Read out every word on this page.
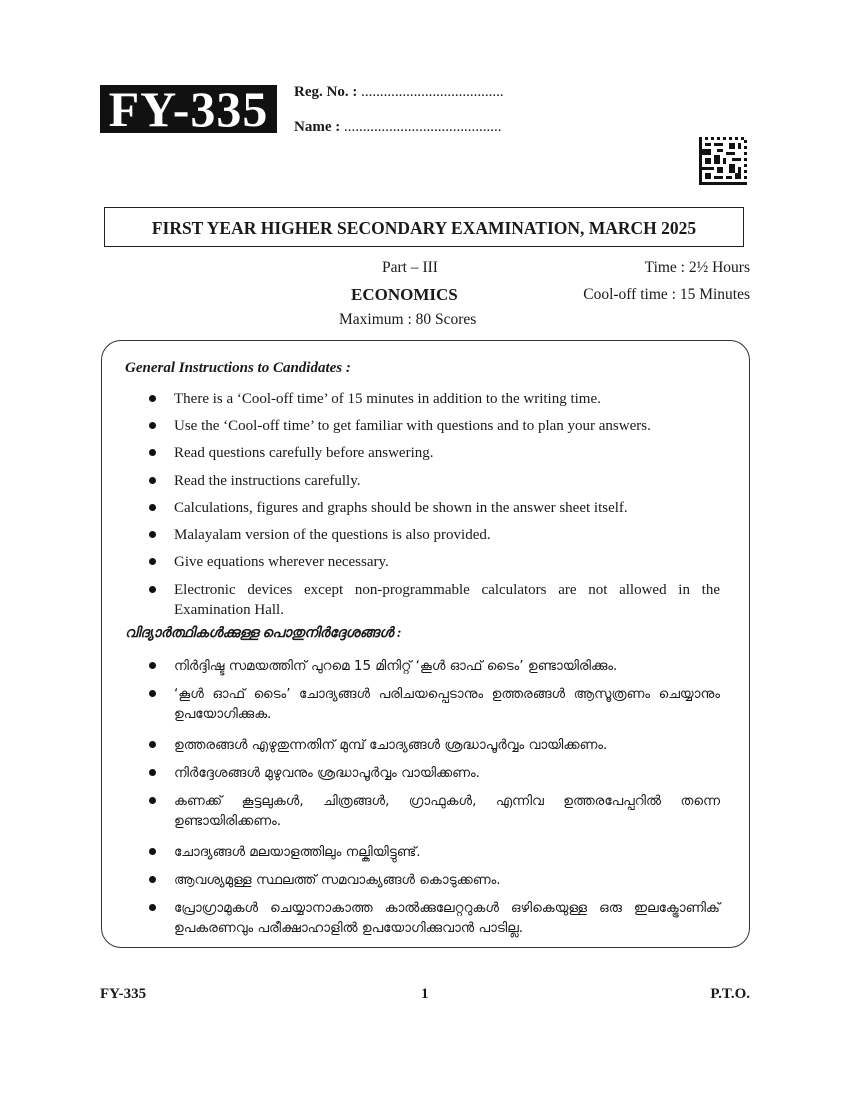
FY-335	Reg. No. : ......................................
Name : ..........................................
FIRST YEAR HIGHER SECONDARY EXAMINATION, MARCH 2025
Part – III
ECONOMICS
Maximum : 80 Scores
Time : 2½ Hours
Cool-off time : 15 Minutes
General Instructions to Candidates :
There is a ‘Cool-off time’ of 15 minutes in addition to the writing time.
Use the ‘Cool-off time’ to get familiar with questions and to plan your answers.
Read questions carefully before answering.
Read the instructions carefully.
Calculations, figures and graphs should be shown in the answer sheet itself.
Malayalam version of the questions is also provided.
Give equations wherever necessary.
Electronic devices except non-programmable calculators are not allowed in the Examination Hall.
വിദ്യാർത്ഥികൾക്കുള്ള പൊതുനിർദ്ദേശങ്ങൾ :
നിർദ്ദിഷ്ട സമയത്തിന് പുറമെ 15 മിനിറ്റ് ‘കൂൾ ഓഫ് ടൈം’ ഉണ്ടായിരിക്കും.
‘കൂൾ ഓഫ് ടൈം’ ചോദ്യങ്ങൾ പരിചയപ്പെടാനും ഉത്തരങ്ങൾ ആസൂത്രണം ചെയ്യാനും ഉപയോഗിക്കുക.
ഉത്തരങ്ങൾ എഴുതുന്നതിന് മുമ്പ് ചോദ്യങ്ങൾ ശ്രദ്ധാപൂർവ്വം വായിക്കണം.
നിർദ്ദേശങ്ങൾ മുഴുവനും ശ്രദ്ധാപൂർവ്വം വായിക്കണം.
കണക്ക് കൂട്ടലുകൾ, ചിത്രങ്ങൾ, ഗ്രാഫുകൾ, എന്നിവ ഉത്തരപേപ്പറിൽ തന്നെ ഉണ്ടായിരിക്കണം.
ചോദ്യങ്ങൾ മലയാളത്തിലും നല്കിയിട്ടുണ്ട്.
ആവശ്യമുള്ള സ്ഥലത്ത് സമവാക്യങ്ങൾ കൊടുക്കണം.
പ്രോഗ്രാമുകൾ ചെയ്യാനാകാത്ത കാൽക്കുലേറ്ററുകൾ ഒഴികെയുള്ള ഒരു ഇലക്ട്രോണിക് ഉപകരണവും പരീക്ഷാഹാളിൽ ഉപയോഗിക്കുവാൻ പാടില്ല.
FY-335	1	P.T.O.
